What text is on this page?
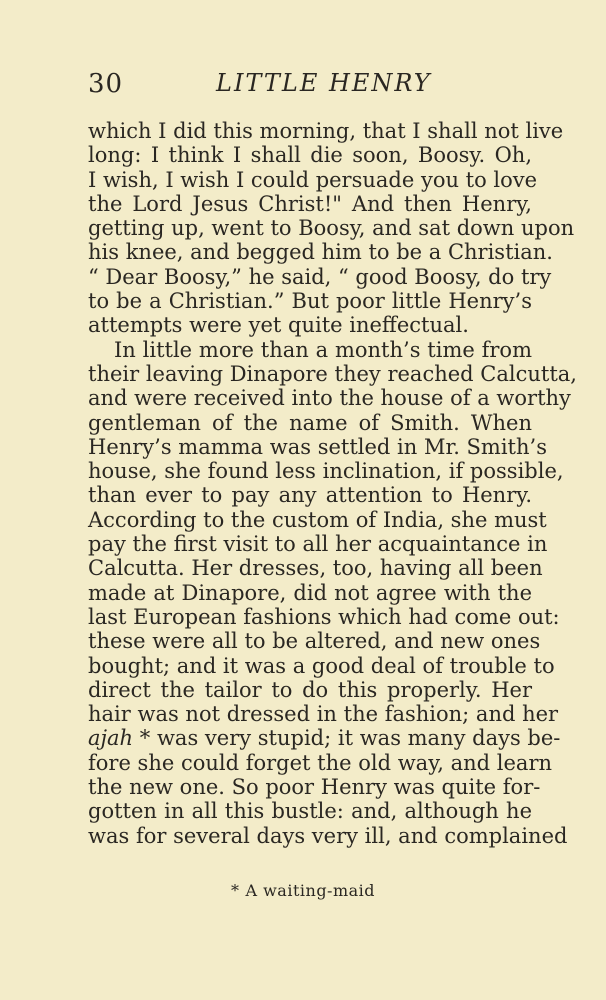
30	LITTLE HENRY
which I did this morning, that I shall not live
long: I think I shall die soon, Boosy. Oh,
I wish, I wish I could persuade you to love
the Lord Jesus Christ!" And then Henry,
getting up, went to Boosy, and sat down upon
his knee, and begged him to be a Christian.
“ Dear Boosy,” he said, “ good Boosy, do try
to be a Christian.” But poor little Henry’s
attempts were yet quite ineffectual.
In little more than a month’s time from
their leaving Dinapore they reached Calcutta,
and were received into the house of a worthy
gentleman of the name of Smith. When
Henry’s mamma was settled in Mr. Smith’s
house, she found less inclination, if possible,
than ever to pay any attention to Henry.
According to the custom of India, she must
pay the first visit to all her acquaintance in
Calcutta. Her dresses, too, having all been
made at Dinapore, did not agree with the
last European fashions which had come out:
these were all to be altered, and new ones
bought; and it was a good deal of trouble to
direct the tailor to do this properly. Her
hair was not dressed in the fashion; and her
ajah * was very stupid; it was many days be-
fore she could forget the old way, and learn
the new one. So poor Henry was quite for-
gotten in all this bustle: and, although he
was for several days very ill, and complained
* A waiting-maid
